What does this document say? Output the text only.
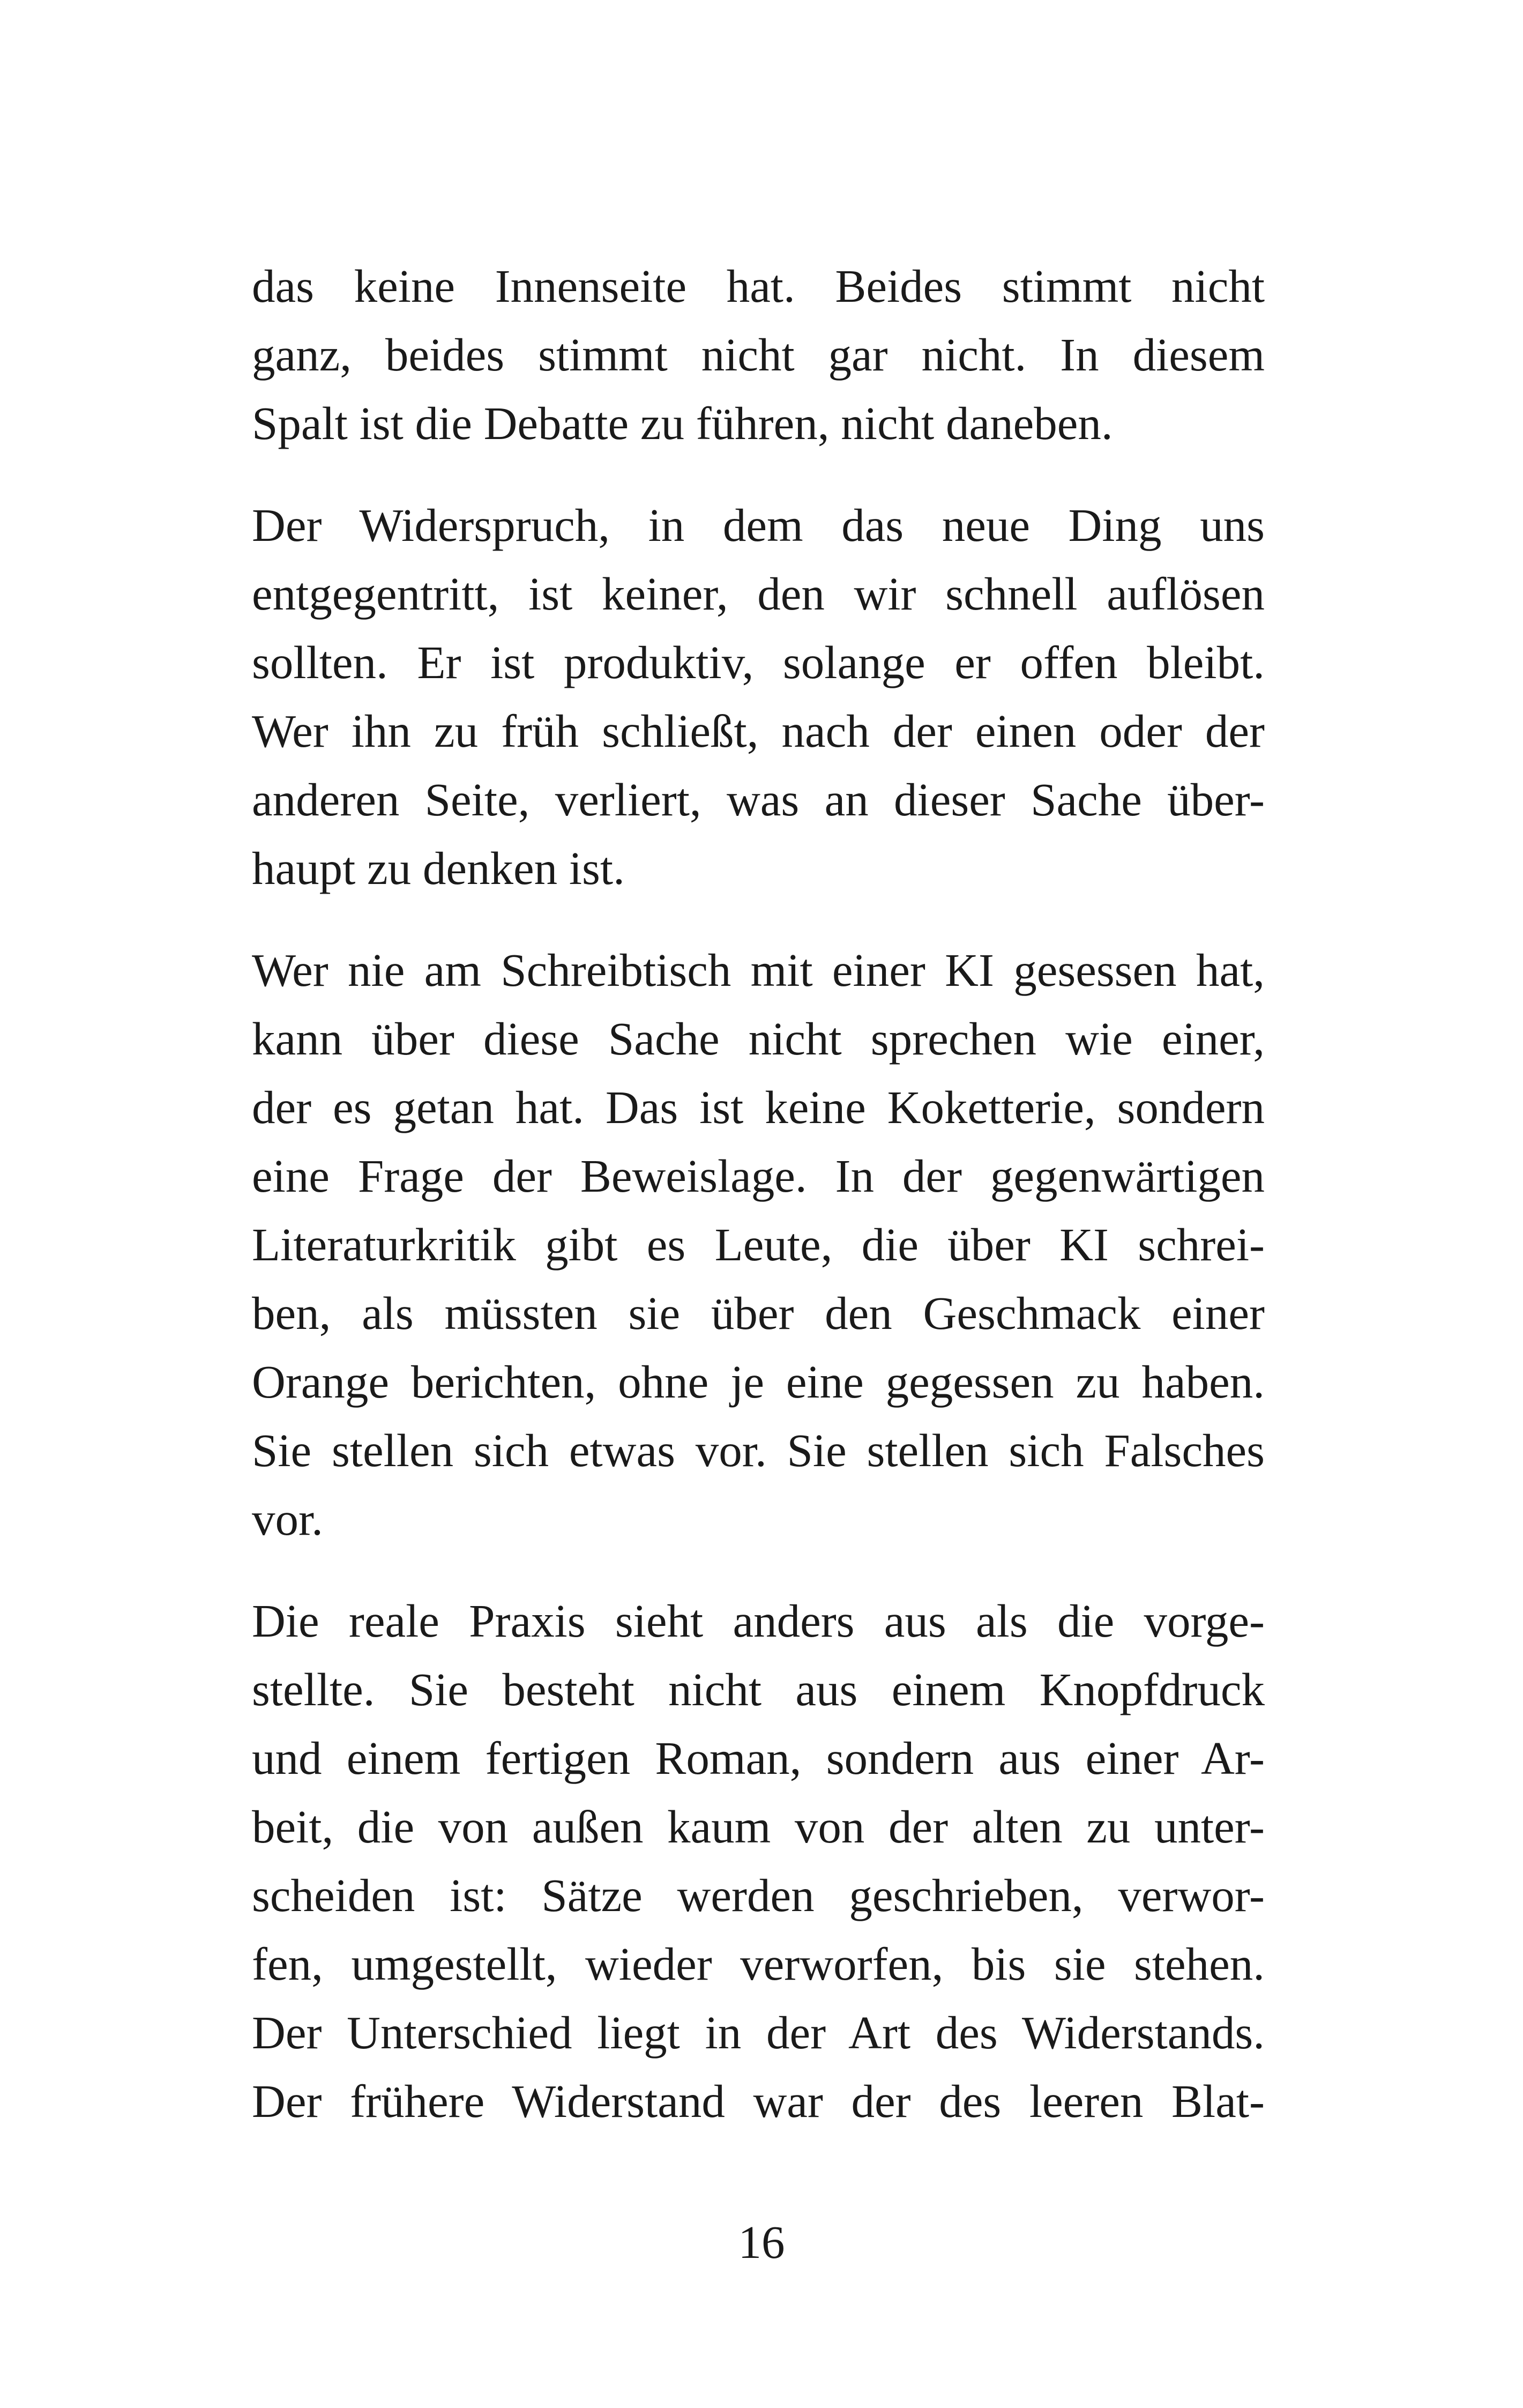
das keine Innenseite hat. Beides stimmt nicht
ganz, beides stimmt nicht gar nicht. In diesem
Spalt ist die Debatte zu führen, nicht daneben.
Der Widerspruch, in dem das neue Ding uns
entgegentritt, ist keiner, den wir schnell auflösen
sollten. Er ist produktiv, solange er offen bleibt.
Wer ihn zu früh schließt, nach der einen oder der
anderen Seite, verliert, was an dieser Sache über-
haupt zu denken ist.
Wer nie am Schreibtisch mit einer KI gesessen hat,
kann über diese Sache nicht sprechen wie einer,
der es getan hat. Das ist keine Koketterie, sondern
eine Frage der Beweislage. In der gegenwärtigen
Literaturkritik gibt es Leute, die über KI schrei-
ben, als müssten sie über den Geschmack einer
Orange berichten, ohne je eine gegessen zu haben.
Sie stellen sich etwas vor. Sie stellen sich Falsches
vor.
Die reale Praxis sieht anders aus als die vorge-
stellte. Sie besteht nicht aus einem Knopfdruck
und einem fertigen Roman, sondern aus einer Ar-
beit, die von außen kaum von der alten zu unter-
scheiden ist: Sätze werden geschrieben, verwor-
fen, umgestellt, wieder verworfen, bis sie stehen.
Der Unterschied liegt in der Art des Widerstands.
Der frühere Widerstand war der des leeren Blat-
16
